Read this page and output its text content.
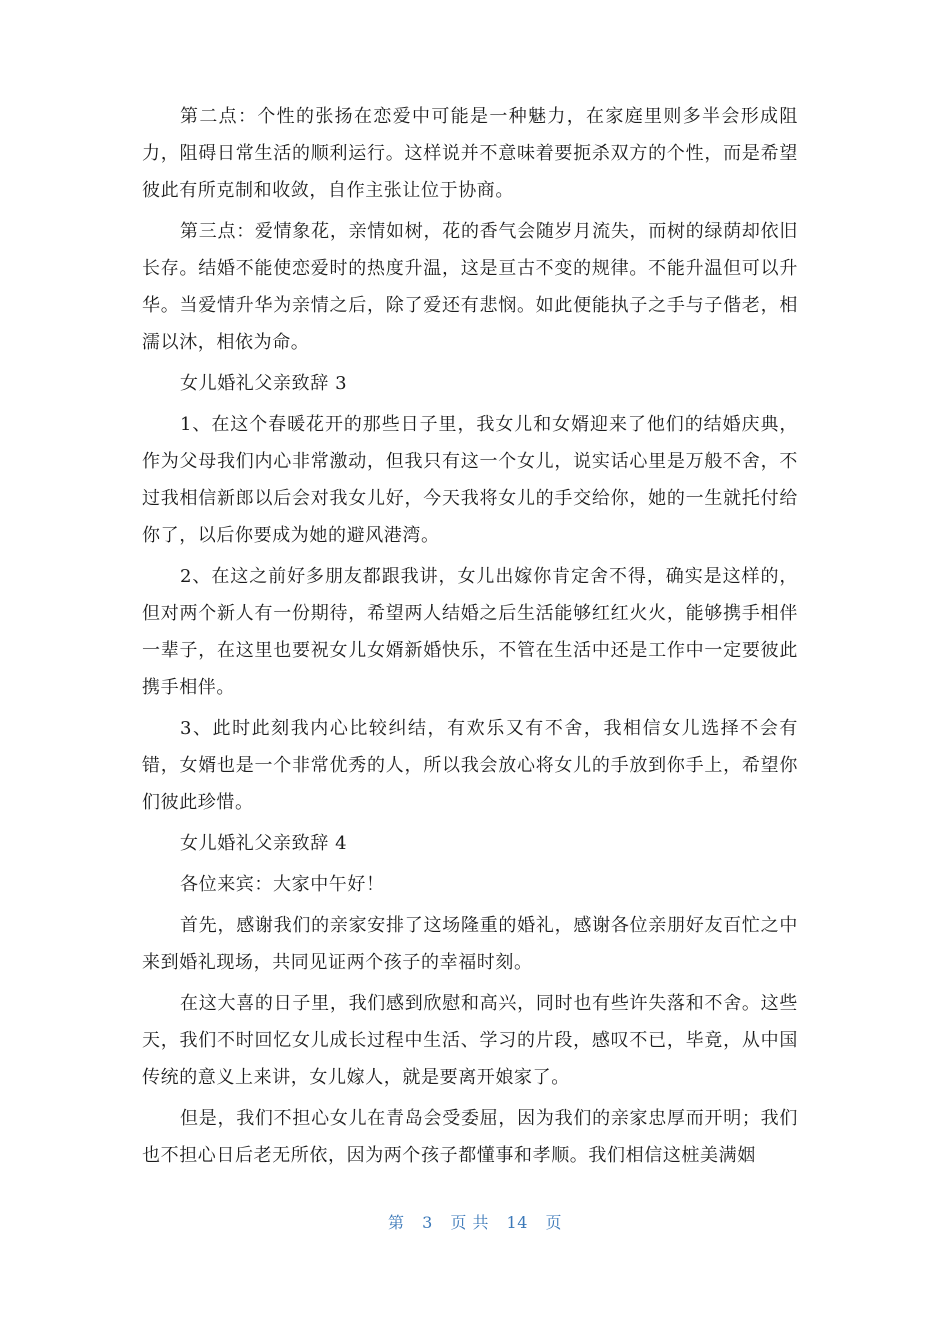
第二点：个性的张扬在恋爱中可能是一种魅力，在家庭里则多半会形成阻力，阻碍日常生活的顺利运行。这样说并不意味着要扼杀双方的个性，而是希望彼此有所克制和收敛，自作主张让位于协商。

第三点：爱情象花，亲情如树，花的香气会随岁月流失，而树的绿荫却依旧长存。结婚不能使恋爱时的热度升温，这是亘古不变的规律。不能升温但可以升华。当爱情升华为亲情之后，除了爱还有悲悯。如此便能执子之手与子偕老，相濡以沐，相依为命。

女儿婚礼父亲致辞 3

1、在这个春暖花开的那些日子里，我女儿和女婿迎来了他们的结婚庆典，作为父母我们内心非常激动，但我只有这一个女儿，说实话心里是万般不舍，不过我相信新郎以后会对我女儿好，今天我将女儿的手交给你，她的一生就托付给你了，以后你要成为她的避风港湾。

2、在这之前好多朋友都跟我讲，女儿出嫁你肯定舍不得，确实是这样的，但对两个新人有一份期待，希望两人结婚之后生活能够红红火火，能够携手相伴一辈子，在这里也要祝女儿女婿新婚快乐，不管在生活中还是工作中一定要彼此携手相伴。

3、此时此刻我内心比较纠结，有欢乐又有不舍，我相信女儿选择不会有错，女婿也是一个非常优秀的人，所以我会放心将女儿的手放到你手上，希望你们彼此珍惜。

女儿婚礼父亲致辞 4

各位来宾：大家中午好！

首先，感谢我们的亲家安排了这场隆重的婚礼，感谢各位亲朋好友百忙之中来到婚礼现场，共同见证两个孩子的幸福时刻。

在这大喜的日子里，我们感到欣慰和高兴，同时也有些许失落和不舍。这些天，我们不时回忆女儿成长过程中生活、学习的片段，感叹不已，毕竟，从中国传统的意义上来讲，女儿嫁人，就是要离开娘家了。

但是，我们不担心女儿在青岛会受委屈，因为我们的亲家忠厚而开明；我们也不担心日后老无所依，因为两个孩子都懂事和孝顺。我们相信这桩美满姻

第 3 页 共 14 页
